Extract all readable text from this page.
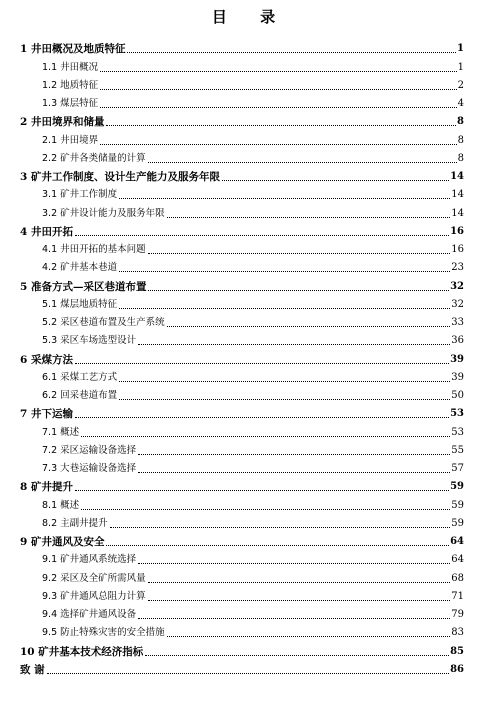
目 录
1 井田概况及地质特征	1
1.1 井田概况	1
1.2 地质特征	2
1.3 煤层特征	4
2 井田境界和储量	8
2.1 井田境界	8
2.2 矿井各类储量的计算	8
3 矿井工作制度、设计生产能力及服务年限	14
3.1 矿井工作制度	14
3.2 矿井设计能力及服务年限	14
4 井田开拓	16
4.1 井田开拓的基本问题	16
4.2 矿井基本巷道	23
5 准备方式—采区巷道布置	32
5.1 煤层地质特征	32
5.2 采区巷道布置及生产系统	33
5.3 采区车场选型设计	36
6 采煤方法	39
6.1 采煤工艺方式	39
6.2 回采巷道布置	50
7 井下运输	53
7.1 概述	53
7.2 采区运输设备选择	55
7.3 大巷运输设备选择	57
8 矿井提升	59
8.1 概述	59
8.2 主副井提升	59
9 矿井通风及安全	64
9.1 矿井通风系统选择	64
9.2 采区及全矿所需风量	68
9.3 矿井通风总阻力计算	71
9.4 选择矿井通风设备	79
9.5 防止特殊灾害的安全措施	83
10 矿井基本技术经济指标	85
致 谢	86
